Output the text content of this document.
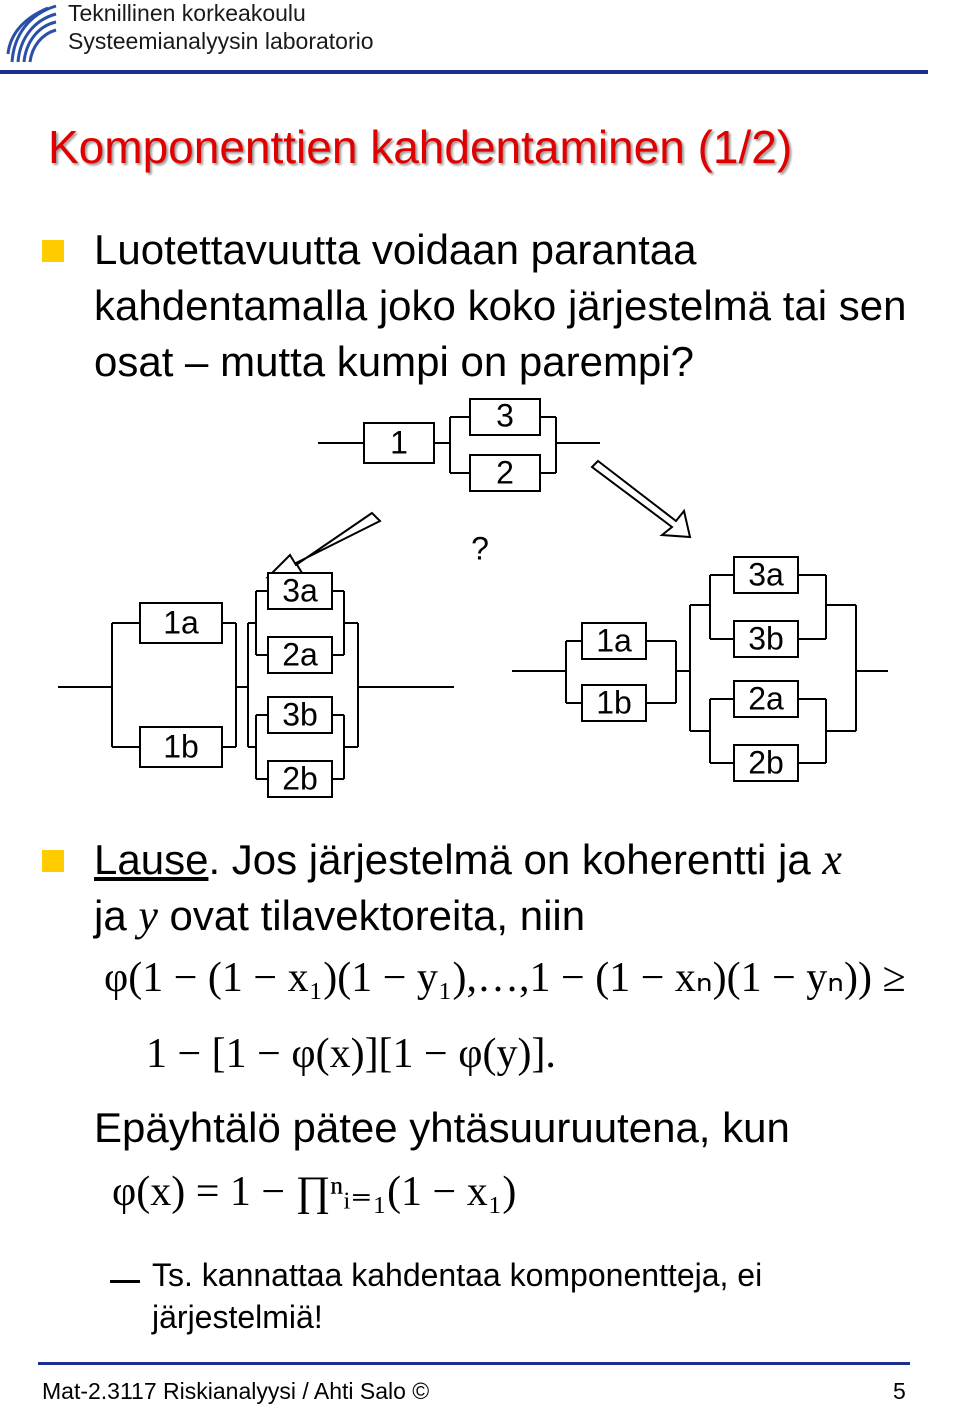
Teknillinen korkeakoulu
Systeemianalyysin laboratorio
Komponenttien kahdentaminen (1/2)
Luotettavuutta voidaan parantaa kahdentamalla joko koko järjestelmä tai sen osat – mutta kumpi on parempi?
1
3
2
?
1a
1b
3a
2a
3b
2b
1a
1b
3a
3b
2a
2b
Lause. Jos järjestelmä on koherentti ja x
ja y ovat tilavektoreita, niin
φ(1 − (1 − x₁)(1 − y₁),…,1 − (1 − xₙ)(1 − yₙ)) ≥
1 − [1 − φ(x)][1 − φ(y)].
Epäyhtälö pätee yhtäsuuruutena, kun
φ(x) = 1 − ∏ⁿᵢ₌₁(1 − x₁)
Ts. kannattaa kahdentaa komponentteja, ei järjestelmiä!
Mat-2.3117 Riskianalyysi / Ahti Salo ©	5
